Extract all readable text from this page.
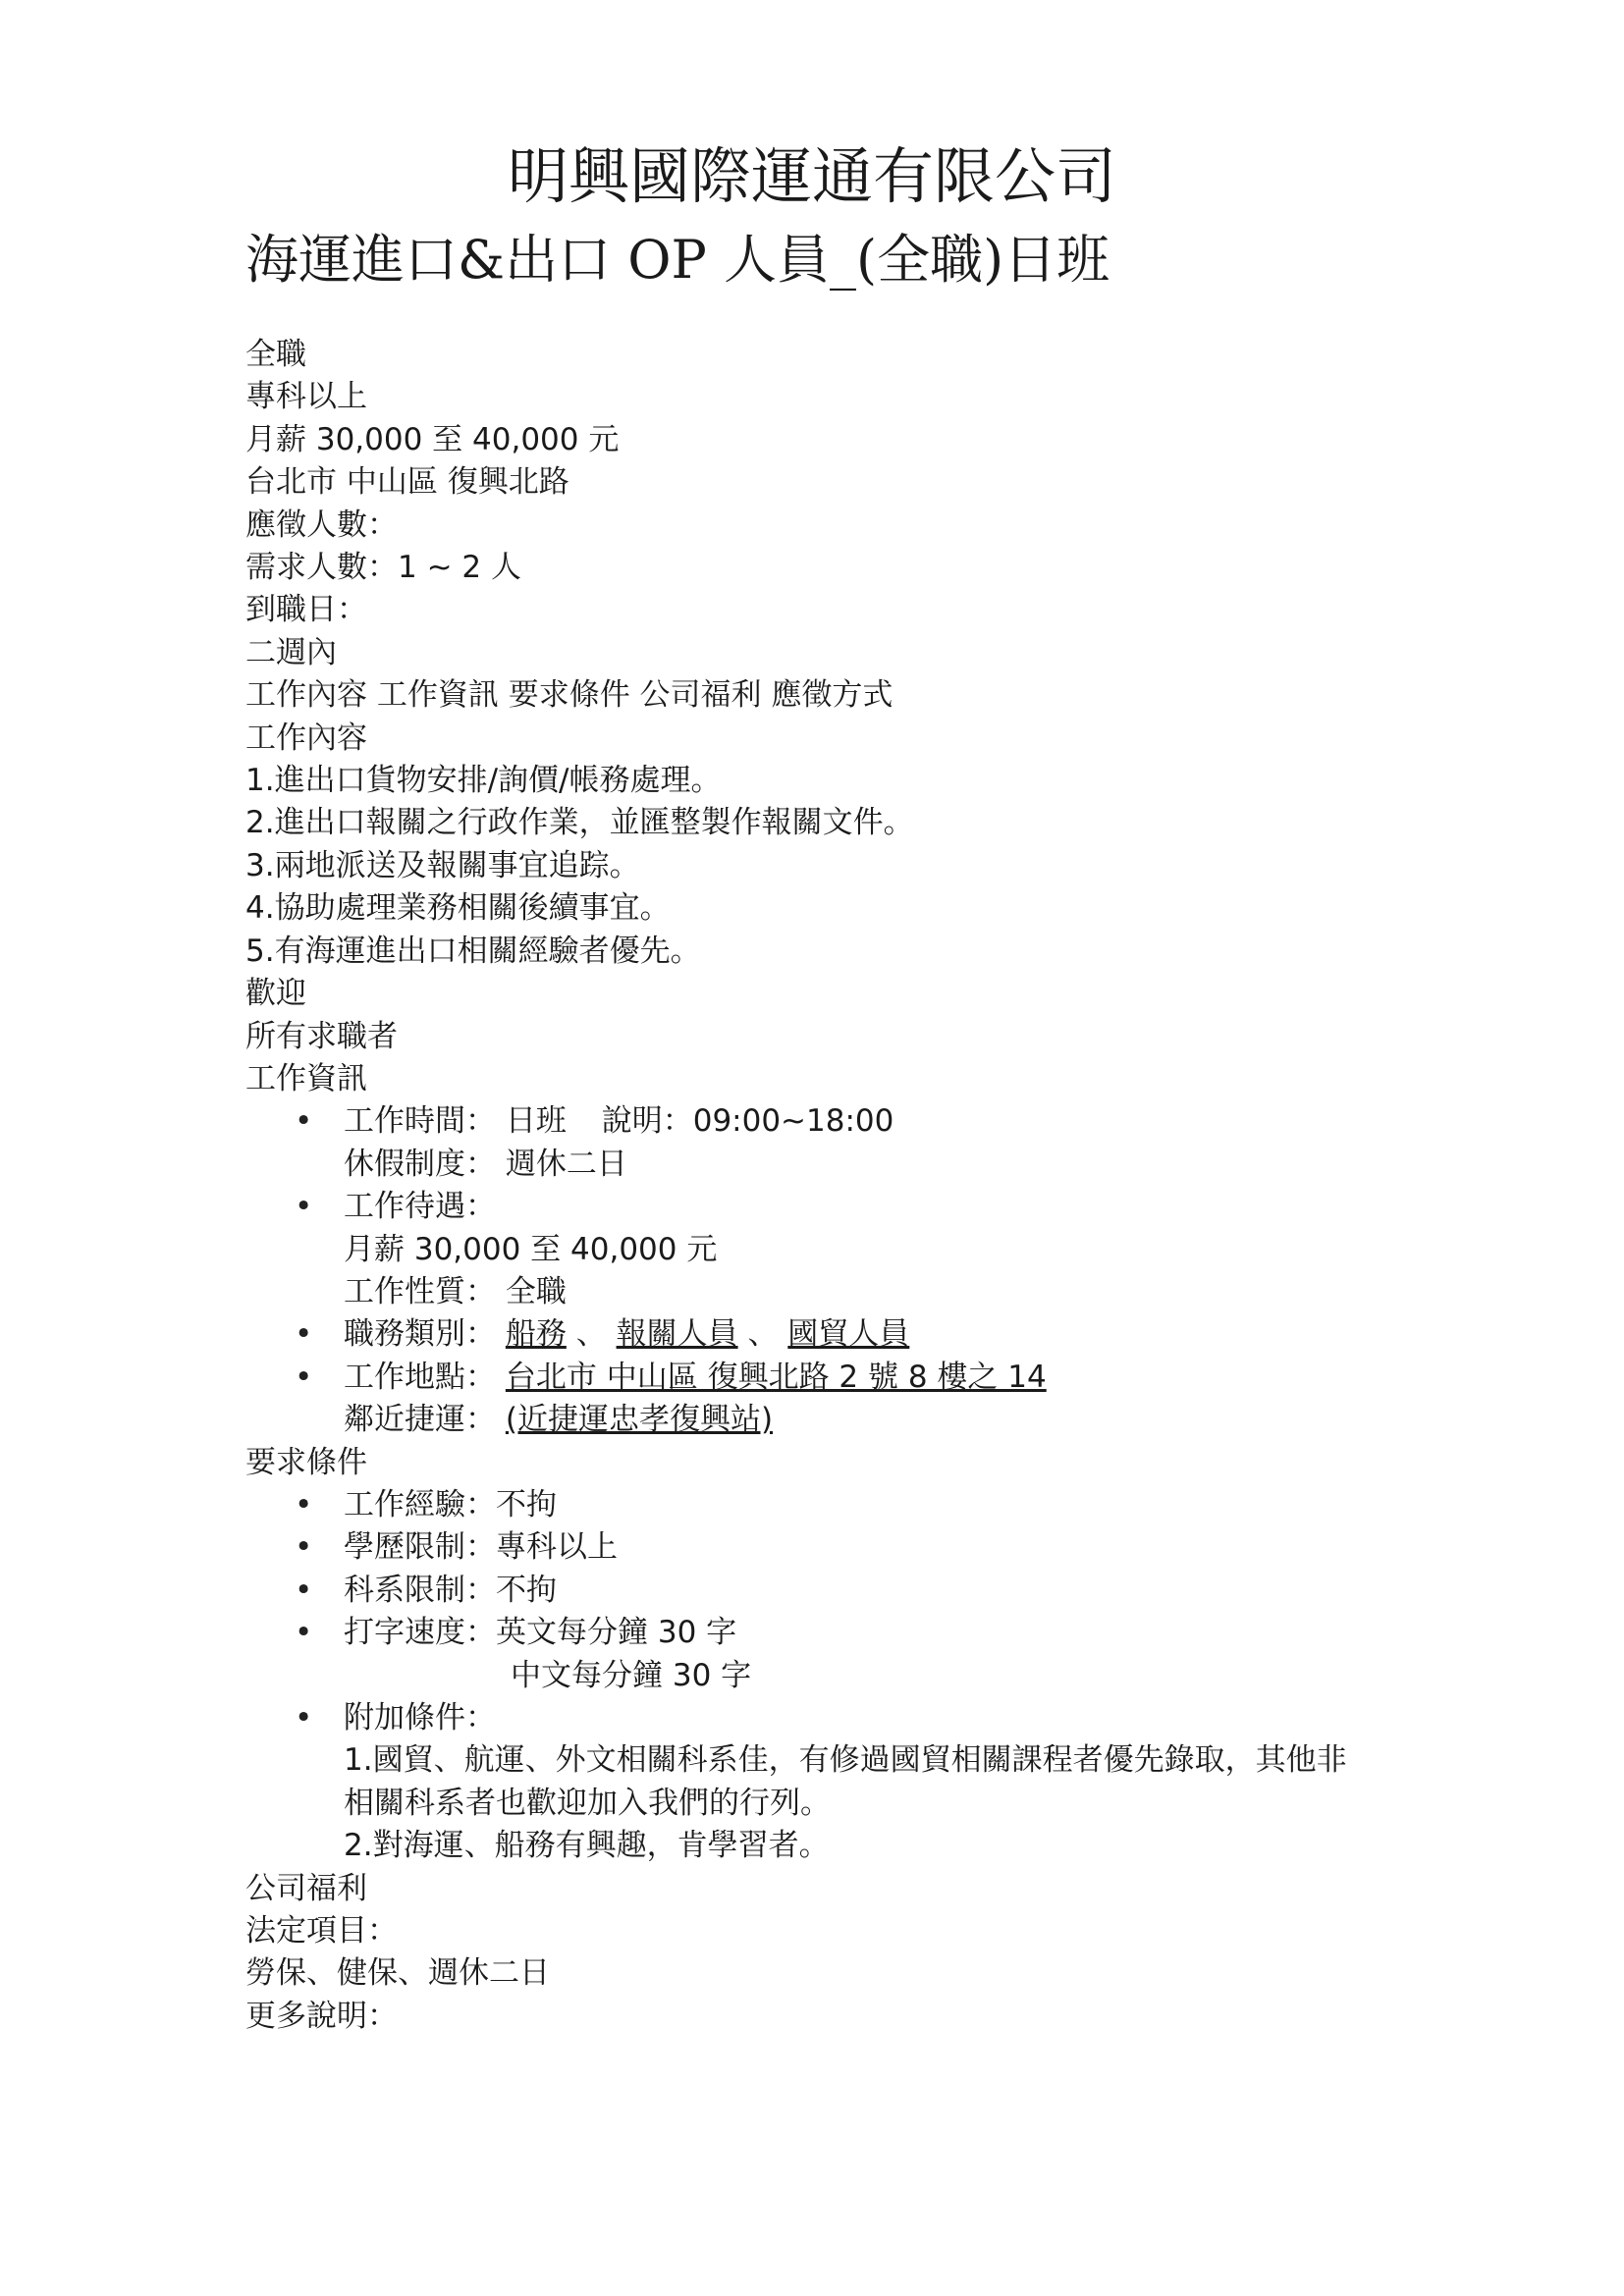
明興國際運通有限公司
海運進口&出口 OP 人員_(全職)日班
全職
專科以上
月薪 30,000 至 40,000 元
台北市 中山區 復興北路
應徵人數：
需求人數：1 ~ 2 人
到職日：
二週內
工作內容 工作資訊 要求條件 公司福利 應徵方式
工作內容
1.進出口貨物安排/詢價/帳務處理。
2.進出口報關之行政作業，並匯整製作報關文件。
3.兩地派送及報關事宜追踪。
4.協助處理業務相關後續事宜。
5.有海運進出口相關經驗者優先。
歡迎
所有求職者
工作資訊
• 工作時間： 日班 說明：09:00~18:00
休假制度： 週休二日
• 工作待遇：
月薪 30,000 至 40,000 元
工作性質： 全職
• 職務類別： 船務 、 報關人員 、 國貿人員
• 工作地點： 台北市 中山區 復興北路 2 號 8 樓之 14
鄰近捷運： (近捷運忠孝復興站)
要求條件
• 工作經驗：不拘
• 學歷限制：專科以上
• 科系限制：不拘
• 打字速度：英文每分鐘 30 字
中文每分鐘 30 字
• 附加條件：
1.國貿、航運、外文相關科系佳，有修過國貿相關課程者優先錄取，其他非相關科系者也歡迎加入我們的行列。
2.對海運、船務有興趣，肯學習者。
公司福利
法定項目：
勞保、健保、週休二日
更多說明：
